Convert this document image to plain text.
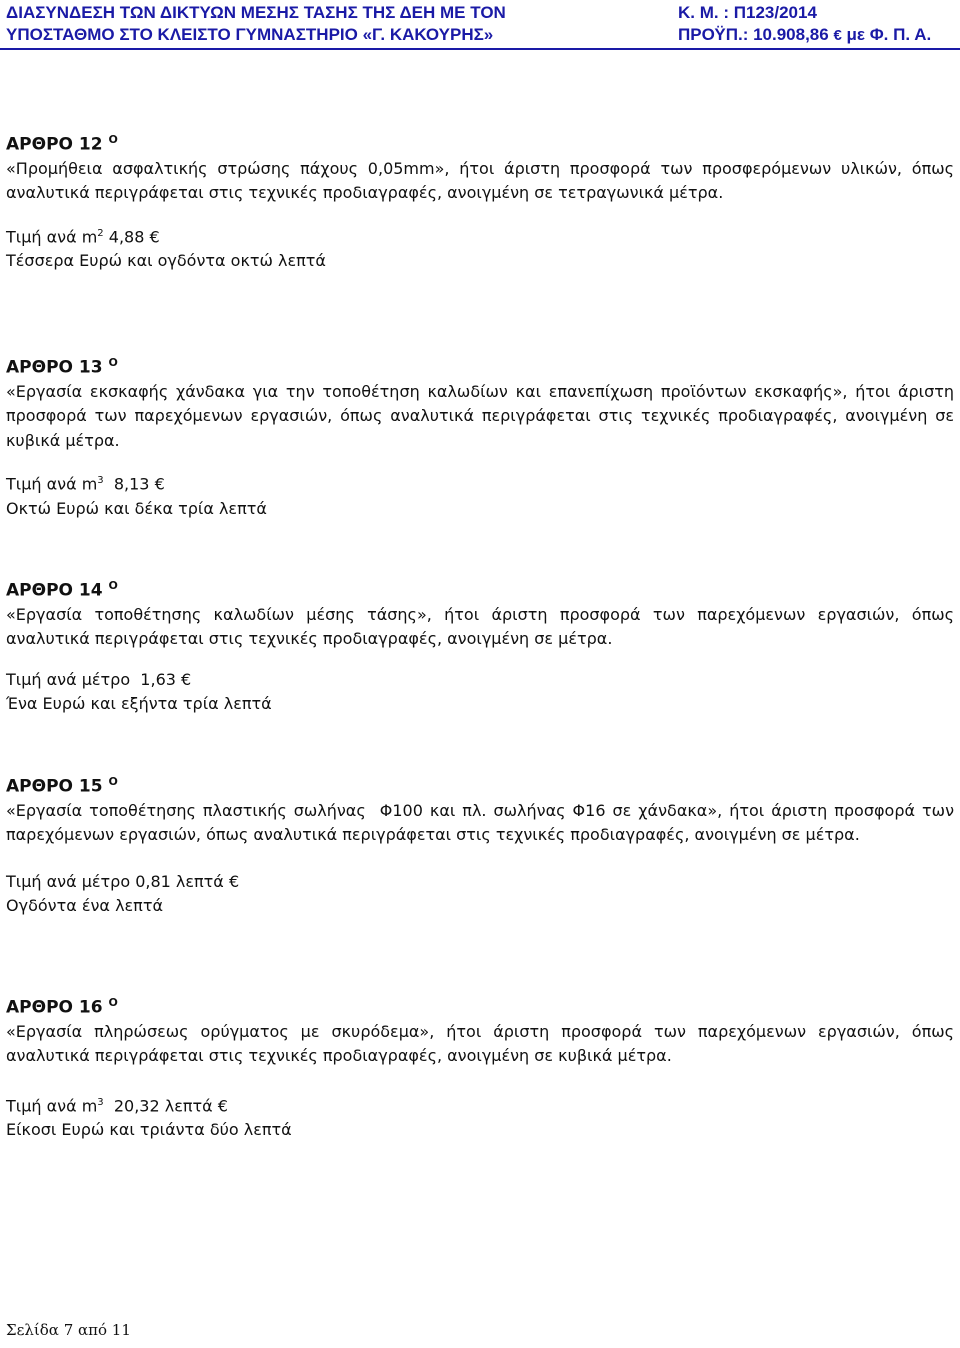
ΔΙΑΣΥΝΔΕΣΗ ΤΩΝ ΔΙΚΤΥΩΝ ΜΕΣΗΣ ΤΑΣΗΣ ΤΗΣ ΔΕΗ ΜΕ ΤΟΝ
ΥΠΟΣΤΑΘΜΟ ΣΤΟ ΚΛΕΙΣΤΟ ΓΥΜΝΑΣΤΗΡΙΟ «Γ. ΚΑΚΟΥΡΗΣ»
Κ. Μ. : Π123/2014
ΠΡΟΫΠ.: 10.908,86 € με Φ. Π. Α.
ΑΡΘΡΟ 12 $^O$

«Προμήθεια ασφαλτικής στρώσης πάχους 0,05mm», ήτοι άριστη προσφορά των προσφερόμενων υλικών, όπως αναλυτικά περιγράφεται στις τεχνικές προδιαγραφές, ανοιγμένη σε τετραγωνικά μέτρα.

Τιμή ανά $m^2$ 4,88 €
Τέσσερα Ευρώ και ογδόντα οκτώ λεπτά
ΑΡΘΡΟ 13 $^O$

«Εργασία εκσκαφής χάνδακα για την τοποθέτηση καλωδίων και επανεπίχωση προϊόντων εκσκαφής», ήτοι άριστη προσφορά των παρεχόμενων εργασιών, όπως αναλυτικά περιγράφεται στις τεχνικές προδιαγραφές, ανοιγμένη σε κυβικά μέτρα.

Τιμή ανά $m^3$  8,13 €
Οκτώ Ευρώ και δέκα τρία λεπτά
ΑΡΘΡΟ 14 $^O$

«Εργασία τοποθέτησης καλωδίων μέσης τάσης», ήτοι άριστη προσφορά των παρεχόμενων εργασιών, όπως αναλυτικά περιγράφεται στις τεχνικές προδιαγραφές, ανοιγμένη σε μέτρα.

Τιμή ανά μέτρο  1,63 €
Ένα Ευρώ και εξήντα τρία λεπτά
ΑΡΘΡΟ 15 $^O$

«Εργασία τοποθέτησης πλαστικής σωλήνας  Φ100 και πλ. σωλήνας Φ16 σε χάνδακα», ήτοι άριστη προσφορά των παρεχόμενων εργασιών, όπως αναλυτικά περιγράφεται στις τεχνικές προδιαγραφές, ανοιγμένη σε μέτρα.

Τιμή ανά μέτρο 0,81 λεπτά €
Ογδόντα ένα λεπτά
ΑΡΘΡΟ 16 $^O$

«Εργασία πληρώσεως ορύγματος με σκυρόδεμα», ήτοι άριστη προσφορά των παρεχόμενων εργασιών, όπως αναλυτικά περιγράφεται στις τεχνικές προδιαγραφές, ανοιγμένη σε κυβικά μέτρα.

Τιμή ανά $m^3$  20,32 λεπτά €
Είκοσι Ευρώ και τριάντα δύο λεπτά
Σελίδα 7 από 11
